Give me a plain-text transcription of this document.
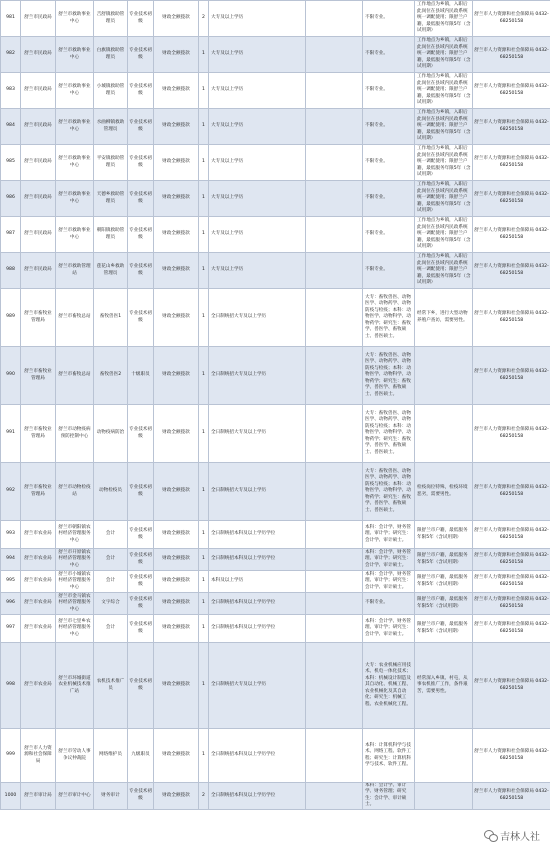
981	舒兰市民政局	舒兰市救助事业中心	吉舒镇救助管理员	专业技术初级	财政全额拨款	2	大专及以上学历		不限专业。	工作地点为乡镇，入职后此岗位在县域内民政系统统一调配使用；限舒兰户籍，最低服务年限5年（含试用期）	舒兰市人力资源和社会保障局 0432-68250158
982	舒兰市民政局	舒兰市救助事业中心	白旗镇救助管理员	专业技术初级	财政全额拨款	1	大专及以上学历		不限专业。	工作地点为乡镇，入职后此岗位在县域内民政系统统一调配使用；限舒兰户籍，最低服务年限5年（含试用期）	舒兰市人力资源和社会保障局 0432-68250158
983	舒兰市民政局	舒兰市救助事业中心	小城镇救助管理员	专业技术初级	财政全额拨款	1	大专及以上学历		不限专业。	工作地点为乡镇，入职后此岗位在县域内民政系统统一调配使用；限舒兰户籍，最低服务年限5年（含试用期）	舒兰市人力资源和社会保障局 0432-68250158
984	舒兰市民政局	舒兰市救助事业中心	水曲柳镇救助管理员	专业技术初级	财政全额拨款	1	大专及以上学历		不限专业。	工作地点为乡镇，入职后此岗位在县域内民政系统统一调配使用；限舒兰户籍，最低服务年限5年（含试用期）	舒兰市人力资源和社会保障局 0432-68250158
985	舒兰市民政局	舒兰市救助事业中心	平安镇救助管理员	专业技术初级	财政全额拨款	1	大专及以上学历		不限专业。	工作地点为乡镇，入职后此岗位在县域内民政系统统一调配使用；限舒兰户籍，最低服务年限5年（含试用期）	舒兰市人力资源和社会保障局 0432-68250158
986	舒兰市民政局	舒兰市救助事业中心	天德乡救助管理员	专业技术初级	财政全额拨款	1	大专及以上学历		不限专业。	工作地点为乡镇，入职后此岗位在县域内民政系统统一调配使用；限舒兰户籍，最低服务年限5年（含试用期）	舒兰市人力资源和社会保障局 0432-68250158
987	舒兰市民政局	舒兰市救助事业中心	朝阳镇救助管理员	专业技术初级	财政全额拨款	1	大专及以上学历		不限专业。	工作地点为乡镇，入职后此岗位在县域内民政系统统一调配使用；限舒兰户籍，最低服务年限5年（含试用期）	舒兰市人力资源和社会保障局 0432-68250158
988	舒兰市民政局	舒兰市救助管理站	莲花山乡救助管理员	专业技术初级	财政全额拨款	1	大专及以上学历		不限专业。	工作地点为乡镇，入职后此岗位在县域内民政系统统一调配使用；限舒兰户籍，最低服务年限5年（含试用期）	舒兰市人力资源和社会保障局 0432-68250158
989	舒兰市畜牧业管理局	舒兰市畜牧总站	畜牧兽医1	专业技术初级	财政全额拨款	1	全日制统招大专及以上学历		大专：畜牧兽医、动物医学、动物药学、动物防疫与检疫；本科：动物医学、动物科学、动物药学；研究生：畜牧学、兽医学、畜牧硕士、兽医硕士。	经常下乡，进行大型动物养殖户查访，需要男性。	舒兰市人力资源和社会保障局 0432-68250158
990	舒兰市畜牧业管理局	舒兰市畜牧总站	畜牧兽医2	十级职员	财政全额拨款	1	全日制统招大专及以上学历		大专：畜牧兽医、动物医学、动物药学、动物防疫与检疫；本科：动物医学、动物科学、动物药学；研究生：畜牧学、兽医学、畜牧硕士、兽医硕士。		舒兰市人力资源和社会保障局 0432-68250158
991	舒兰市畜牧业管理局	舒兰市动物疫病预防控制中心	动物疫病防治	专业技术初级	财政全额拨款	1	全日制统招大专及以上学历		大专：畜牧兽医、动物医学、动物药学、动物防疫与检疫；本科：动物医学、动物科学、动物药学；研究生：畜牧学、兽医学、畜牧硕士、兽医硕士。		舒兰市人力资源和社会保障局 0432-68250158
992	舒兰市畜牧业管理局	舒兰市动物检疫站	动物检疫员	专业技术初级	财政全额拨款	1	全日制统招大专及以上学历		大专：畜牧兽医、动物医学、动物药学、动物防疫与检疫；本科：动物医学、动物科学、动物药学；研究生：畜牧学、兽医学、畜牧硕士、兽医硕士。	检疫岗位特殊，检疫环境恶劣，需要男性。	舒兰市人力资源和社会保障局 0432-68250158
993	舒兰市农业局	舒兰市朝阳镇农村经济管理服务中心	会计	专业技术初级	财政全额拨款	1	全日制统招本科及以上学历学位		本科：会计学、财务管理、审计学；研究生：会计学、审计硕士。	限舒兰市户籍，最低服务年限5年（含试用期）	舒兰市人力资源和社会保障局 0432-68250158
994	舒兰市农业局	舒兰市开原镇农村经济管理服务中心	会计	专业技术初级	财政全额拨款	1	全日制统招本科及以上学历学位		本科：会计学、财务管理、审计学；研究生：会计学、审计硕士。	限舒兰市户籍，最低服务年限5年（含试用期）	舒兰市人力资源和社会保障局 0432-68250158
995	舒兰市农业局	舒兰市小城镇农村经济管理服务中心	会计	专业技术初级	财政全额拨款	1	本科及以上学历		本科：会计学、财务管理、审计学；研究生：会计学、审计硕士。	限舒兰市户籍，最低服务年限5年（含试用期）	舒兰市人力资源和社会保障局 0432-68250158
996	舒兰市农业局	舒兰市金马镇农村经济管理服务中心	文字综合	专业技术初级	财政全额拨款	1	全日制统招本科及以上学历学位		不限专业。	限舒兰市户籍，最低服务年限5年（含试用期）	舒兰市人力资源和社会保障局 0432-68250158
997	舒兰市农业局	舒兰市七里乡农村经济管理服务中心	会计	专业技术初级	财政全额拨款	1	全日制统招本科及以上学历学位		本科：会计学、财务管理、审计学；研究生：会计学、审计硕士。	限舒兰市户籍，最低服务年限5年（含试用期）	舒兰市人力资源和社会保障局 0432-68250158
998	舒兰市农业局	舒兰市环城街道农业机械技术推广站	农机技术推广员	专业技术初级	财政全额拨款	1	全日制统招大专及以上学历		大专：农业机械应用技术、机电一体化技术；本科：机械设计制造及其自动化、机械工程、农业机械化及其自动化；研究生：机械工程、农业机械化工程。	经常深入乡镇、村屯，从事农机推广工作，条件艰苦，需要男性。	舒兰市人力资源和社会保障局 0432-68250158
999	舒兰市人力资源和社会保障局	舒兰市劳动人事争议仲裁院	网络维护员	九级职员	财政全额拨款	1	全日制统招本科及以上学历学位		本科：计算机科学与技术、网络工程、软件工程；研究生：计算机科学与技术、软件工程。		舒兰市人力资源和社会保障局 0432-68250158
1000	舒兰市审计局	舒兰市审计中心	财务审计	专业技术初级	财政全额拨款	2	全日制统招本科及以上学历学位		本科：会计学、审计学、财务管理；研究生：会计学、审计硕士。		舒兰市人力资源和社会保障局 0432-68250158
吉林人社
